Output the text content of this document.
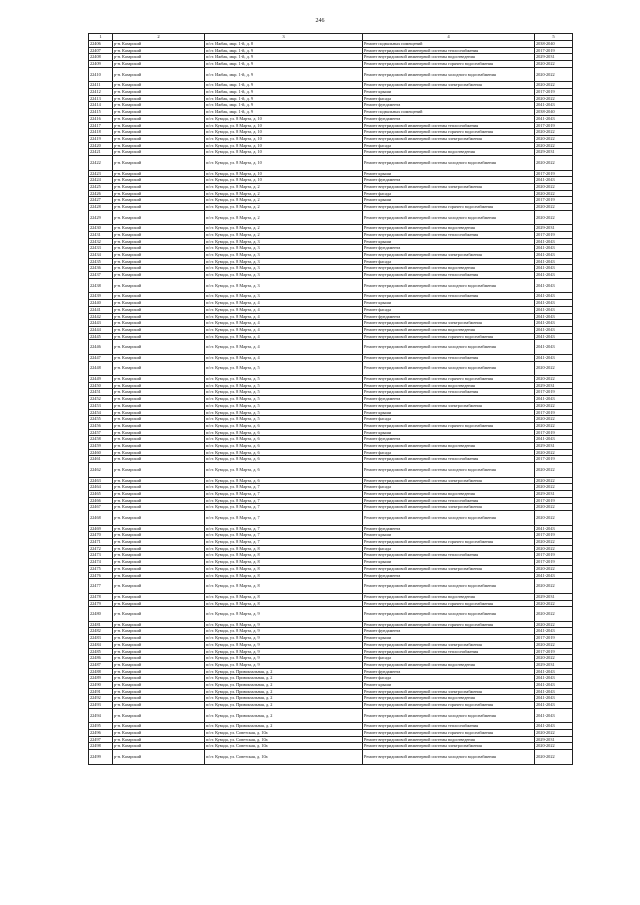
246
1	2	3	4	5
22406	р-н. Казарский	п/ст. Ижбак, мкр. 1-й, д. 8	Ремонт подвальных помещений	2038-2040
22407	р-н. Казарский	п/ст. Ижбак, мкр. 1-й, д. 9	Ремонт внутридомовой инженерной системы теплоснабжения	2017-2019
22408	р-н. Казарский	п/ст. Ижбак, мкр. 1-й, д. 9	Ремонт внутридомовой инженерной системы водоотведения	2029-2031
22409	р-н. Казарский	п/ст. Ижбак, мкр. 1-й, д. 9	Ремонт внутридомовой инженерной системы горячего водоснабжения	2020-2022
22410	р-н. Казарский	п/ст. Ижбак, мкр. 1-й, д. 9	Ремонт внутридомовой инженерной системы холодного водоснабжения	2020-2022
22411	р-н. Казарский	п/ст. Ижбак, мкр. 1-й, д. 9	Ремонт внутридомовой инженерной системы электроснабжения	2020-2022
22412	р-н. Казарский	п/ст. Ижбак, мкр. 1-й, д. 9	Ремонт крыши	2017-2019
22413	р-н. Казарский	п/ст. Ижбак, мкр. 1-й, д. 9	Ремонт фасада	2020-2022
22414	р-н. Казарский	п/ст. Ижбак, мкр. 1-й, д. 9	Ремонт фундамента	2041-2043
22415	р-н. Казарский	п/ст. Ижбак, мкр. 1-й, д. 9	Ремонт подвальных помещений	2038-2040
22416	р-н. Казарский	п/ст. Кувада, ул. 8 Марта, д. 10	Ремонт фундамента	2041-2043
22417	р-н. Казарский	п/ст. Кувада, ул. 8 Марта, д. 10	Ремонт внутридомовой инженерной системы теплоснабжения	2017-2019
22418	р-н. Казарский	п/ст. Кувада, ул. 8 Марта, д. 10	Ремонт внутридомовой инженерной системы горячего водоснабжения	2020-2022
22419	р-н. Казарский	п/ст. Кувада, ул. 8 Марта, д. 10	Ремонт внутридомовой инженерной системы электроснабжения	2020-2022
22420	р-н. Казарский	п/ст. Кувада, ул. 8 Марта, д. 10	Ремонт фасада	2020-2022
22421	р-н. Казарский	п/ст. Кувада, ул. 8 Марта, д. 10	Ремонт внутридомовой инженерной системы водоотведения	2029-2031
22422	р-н. Казарский	п/ст. Кувада, ул. 8 Марта, д. 10	Ремонт внутридомовой инженерной системы холодного водоснабжения	2020-2022
22423	р-н. Казарский	п/ст. Кувада, ул. 8 Марта, д. 10	Ремонт крыши	2017-2019
22424	р-н. Казарский	п/ст. Кувада, ул. 8 Марта, д. 10	Ремонт фундамента	2041-2043
22425	р-н. Казарский	п/ст. Кувада, ул. 8 Марта, д. 2	Ремонт внутридомовой инженерной системы электроснабжения	2020-2022
22426	р-н. Казарский	п/ст. Кувада, ул. 8 Марта, д. 2	Ремонт фасада	2020-2022
22427	р-н. Казарский	п/ст. Кувада, ул. 8 Марта, д. 2	Ремонт крыши	2017-2019
22428	р-н. Казарский	п/ст. Кувада, ул. 8 Марта, д. 2	Ремонт внутридомовой инженерной системы горячего водоснабжения	2020-2022
22429	р-н. Казарский	п/ст. Кувада, ул. 8 Марта, д. 2	Ремонт внутридомовой инженерной системы холодного водоснабжения	2020-2022
22430	р-н. Казарский	п/ст. Кувада, ул. 8 Марта, д. 2	Ремонт внутридомовой инженерной системы водоотведения	2029-2031
22431	р-н. Казарский	п/ст. Кувада, ул. 8 Марта, д. 2	Ремонт внутридомовой инженерной системы теплоснабжения	2017-2019
22432	р-н. Казарский	п/ст. Кувада, ул. 8 Марта, д. 3	Ремонт крыши	2041-2043
22433	р-н. Казарский	п/ст. Кувада, ул. 8 Марта, д. 3	Ремонт фундамента	2041-2043
22434	р-н. Казарский	п/ст. Кувада, ул. 8 Марта, д. 3	Ремонт внутридомовой инженерной системы электроснабжения	2041-2043
22435	р-н. Казарский	п/ст. Кувада, ул. 8 Марта, д. 3	Ремонт фасада	2041-2043
22436	р-н. Казарский	п/ст. Кувада, ул. 8 Марта, д. 3	Ремонт внутридомовой инженерной системы водоотведения	2041-2043
22437	р-н. Казарский	п/ст. Кувада, ул. 8 Марта, д. 3	Ремонт внутридомовой инженерной системы теплоснабжения	2041-2043
22438	р-н. Казарский	п/ст. Кувада, ул. 8 Марта, д. 3	Ремонт внутридомовой инженерной системы холодного водоснабжения	2041-2043
22439	р-н. Казарский	п/ст. Кувада, ул. 8 Марта, д. 3	Ремонт внутридомовой инженерной системы теплоснабжения	2041-2043
22440	р-н. Казарский	п/ст. Кувада, ул. 8 Марта, д. 4	Ремонт крыши	2041-2043
22441	р-н. Казарский	п/ст. Кувада, ул. 8 Марта, д. 4	Ремонт фасада	2041-2043
22442	р-н. Казарский	п/ст. Кувада, ул. 8 Марта, д. 4	Ремонт фундамента	2041-2043
22443	р-н. Казарский	п/ст. Кувада, ул. 8 Марта, д. 4	Ремонт внутридомовой инженерной системы электроснабжения	2041-2043
22444	р-н. Казарский	п/ст. Кувада, ул. 8 Марта, д. 4	Ремонт внутридомовой инженерной системы водоотведения	2041-2043
22445	р-н. Казарский	п/ст. Кувада, ул. 8 Марта, д. 4	Ремонт внутридомовой инженерной системы горячего водоснабжения	2041-2043
22446	р-н. Казарский	п/ст. Кувада, ул. 8 Марта, д. 4	Ремонт внутридомовой инженерной системы холодного водоснабжения	2041-2043
22447	р-н. Казарский	п/ст. Кувада, ул. 8 Марта, д. 4	Ремонт внутридомовой инженерной системы теплоснабжения	2041-2043
22448	р-н. Казарский	п/ст. Кувада, ул. 8 Марта, д. 5	Ремонт внутридомовой инженерной системы холодного водоснабжения	2020-2022
22449	р-н. Казарский	п/ст. Кувада, ул. 8 Марта, д. 5	Ремонт внутридомовой инженерной системы горячего водоснабжения	2020-2022
22450	р-н. Казарский	п/ст. Кувада, ул. 8 Марта, д. 5	Ремонт внутридомовой инженерной системы водоотведения	2029-2031
22451	р-н. Казарский	п/ст. Кувада, ул. 8 Марта, д. 5	Ремонт внутридомовой инженерной системы теплоснабжения	2017-2019
22452	р-н. Казарский	п/ст. Кувада, ул. 8 Марта, д. 5	Ремонт фундамента	2041-2043
22453	р-н. Казарский	п/ст. Кувада, ул. 8 Марта, д. 5	Ремонт внутридомовой инженерной системы электроснабжения	2020-2022
22454	р-н. Казарский	п/ст. Кувада, ул. 8 Марта, д. 5	Ремонт крыши	2017-2019
22455	р-н. Казарский	п/ст. Кувада, ул. 8 Марта, д. 5	Ремонт фасада	2020-2022
22456	р-н. Казарский	п/ст. Кувада, ул. 8 Марта, д. 6	Ремонт внутридомовой инженерной системы горячего водоснабжения	2020-2022
22457	р-н. Казарский	п/ст. Кувада, ул. 8 Марта, д. 6	Ремонт крыши	2017-2019
22458	р-н. Казарский	п/ст. Кувада, ул. 8 Марта, д. 6	Ремонт фундамента	2041-2043
22459	р-н. Казарский	п/ст. Кувада, ул. 8 Марта, д. 6	Ремонт внутридомовой инженерной системы водоотведения	2029-2031
22460	р-н. Казарский	п/ст. Кувада, ул. 8 Марта, д. 6	Ремонт фасада	2020-2022
22461	р-н. Казарский	п/ст. Кувада, ул. 8 Марта, д. 6	Ремонт внутридомовой инженерной системы теплоснабжения	2017-2019
22462	р-н. Казарский	п/ст. Кувада, ул. 8 Марта, д. 6	Ремонт внутридомовой инженерной системы холодного водоснабжения	2020-2022
22463	р-н. Казарский	п/ст. Кувада, ул. 8 Марта, д. 6	Ремонт внутридомовой инженерной системы электроснабжения	2020-2022
22464	р-н. Казарский	п/ст. Кувада, ул. 8 Марта, д. 7	Ремонт фасада	2020-2022
22465	р-н. Казарский	п/ст. Кувада, ул. 8 Марта, д. 7	Ремонт внутридомовой инженерной системы водоотведения	2029-2031
22466	р-н. Казарский	п/ст. Кувада, ул. 8 Марта, д. 7	Ремонт внутридомовой инженерной системы теплоснабжения	2017-2019
22467	р-н. Казарский	п/ст. Кувада, ул. 8 Марта, д. 7	Ремонт внутридомовой инженерной системы электроснабжения	2020-2022
22468	р-н. Казарский	п/ст. Кувада, ул. 8 Марта, д. 7	Ремонт внутридомовой инженерной системы холодного водоснабжения	2020-2022
22469	р-н. Казарский	п/ст. Кувада, ул. 8 Марта, д. 7	Ремонт фундамента	2041-2043
22470	р-н. Казарский	п/ст. Кувада, ул. 8 Марта, д. 7	Ремонт крыши	2017-2019
22471	р-н. Казарский	п/ст. Кувада, ул. 8 Марта, д. 7	Ремонт внутридомовой инженерной системы горячего водоснабжения	2020-2022
22472	р-н. Казарский	п/ст. Кувада, ул. 8 Марта, д. 8	Ремонт фасада	2020-2022
22473	р-н. Казарский	п/ст. Кувада, ул. 8 Марта, д. 8	Ремонт внутридомовой инженерной системы теплоснабжения	2017-2019
22474	р-н. Казарский	п/ст. Кувада, ул. 8 Марта, д. 8	Ремонт крыши	2017-2019
22475	р-н. Казарский	п/ст. Кувада, ул. 8 Марта, д. 8	Ремонт внутридомовой инженерной системы электроснабжения	2020-2022
22476	р-н. Казарский	п/ст. Кувада, ул. 8 Марта, д. 8	Ремонт фундамента	2041-2043
22477	р-н. Казарский	п/ст. Кувада, ул. 8 Марта, д. 8	Ремонт внутридомовой инженерной системы холодного водоснабжения	2020-2022
22478	р-н. Казарский	п/ст. Кувада, ул. 8 Марта, д. 8	Ремонт внутридомовой инженерной системы водоотведения	2029-2031
22479	р-н. Казарский	п/ст. Кувада, ул. 8 Марта, д. 8	Ремонт внутридомовой инженерной системы горячего водоснабжения	2020-2022
22480	р-н. Казарский	п/ст. Кувада, ул. 8 Марта, д. 9	Ремонт внутридомовой инженерной системы холодного водоснабжения	2020-2022
22481	р-н. Казарский	п/ст. Кувада, ул. 8 Марта, д. 9	Ремонт внутридомовой инженерной системы горячего водоснабжения	2020-2022
22482	р-н. Казарский	п/ст. Кувада, ул. 8 Марта, д. 9	Ремонт фундамента	2041-2043
22483	р-н. Казарский	п/ст. Кувада, ул. 8 Марта, д. 9	Ремонт крыши	2017-2019
22484	р-н. Казарский	п/ст. Кувада, ул. 8 Марта, д. 9	Ремонт внутридомовой инженерной системы электроснабжения	2020-2022
22485	р-н. Казарский	п/ст. Кувада, ул. 8 Марта, д. 9	Ремонт внутридомовой инженерной системы теплоснабжения	2017-2019
22486	р-н. Казарский	п/ст. Кувада, ул. 8 Марта, д. 9	Ремонт фасада	2020-2022
22487	р-н. Казарский	п/ст. Кувада, ул. 8 Марта, д. 9	Ремонт внутридомовой инженерной системы водоотведения	2029-2031
22488	р-н. Казарский	п/ст. Кувада, ул. Привокзальная, д. 2	Ремонт фундамента	2041-2043
22489	р-н. Казарский	п/ст. Кувада, ул. Привокзальная, д. 2	Ремонт фасада	2041-2043
22490	р-н. Казарский	п/ст. Кувада, ул. Привокзальная, д. 2	Ремонт крыши	2041-2043
22491	р-н. Казарский	п/ст. Кувада, ул. Привокзальная, д. 2	Ремонт внутридомовой инженерной системы электроснабжения	2041-2043
22492	р-н. Казарский	п/ст. Кувада, ул. Привокзальная, д. 2	Ремонт внутридомовой инженерной системы водоотведения	2041-2043
22493	р-н. Казарский	п/ст. Кувада, ул. Привокзальная, д. 2	Ремонт внутридомовой инженерной системы горячего водоснабжения	2041-2043
22494	р-н. Казарский	п/ст. Кувада, ул. Привокзальная, д. 2	Ремонт внутридомовой инженерной системы холодного водоснабжения	2041-2043
22495	р-н. Казарский	п/ст. Кувада, ул. Привокзальная, д. 2	Ремонт внутридомовой инженерной системы теплоснабжения	2041-2043
22496	р-н. Казарский	п/ст. Кувада, ул. Советская, д. 10а	Ремонт внутридомовой инженерной системы горячего водоснабжения	2020-2022
22497	р-н. Казарский	п/ст. Кувада, ул. Советская, д. 10а	Ремонт внутридомовой инженерной системы водоотведения	2029-2031
22498	р-н. Казарский	п/ст. Кувада, ул. Советская, д. 10а	Ремонт внутридомовой инженерной системы электроснабжения	2020-2022
22499	р-н. Казарский	п/ст. Кувада, ул. Советская, д. 10а	Ремонт внутридомовой инженерной системы холодного водоснабжения	2020-2022
